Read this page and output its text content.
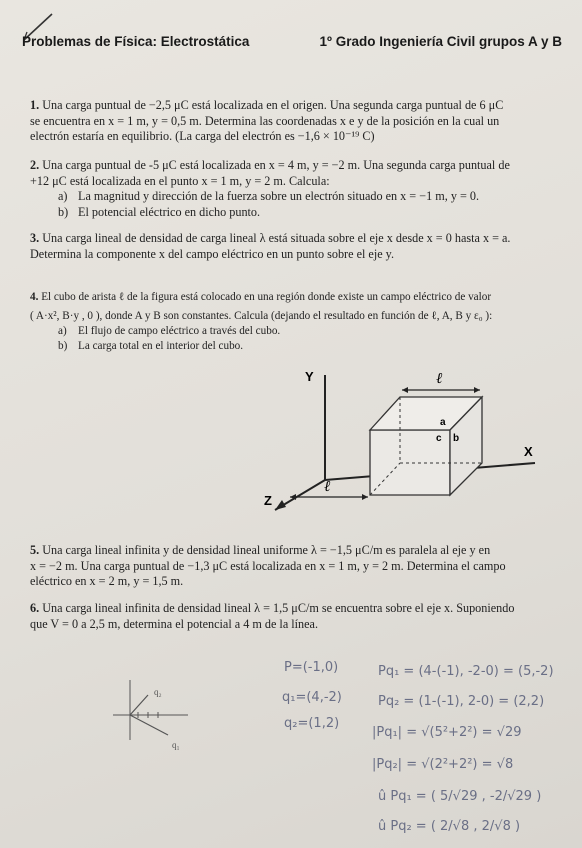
Problemas de Física: Electrostática	1º Grado Ingeniería Civil grupos A y B
1. Una carga puntual de −2,5 μC está localizada en el origen. Una segunda carga puntual de 6 μC
se encuentra en x = 1 m, y = 0,5 m. Determina las coordenadas x e y de la posición en la cual un
electrón estaría en equilibrio. (La carga del electrón es −1,6 × 10⁻¹⁹ C)
2. Una carga puntual de -5 μC está localizada en x = 4 m, y = −2 m. Una segunda carga puntual de
+12 μC está localizada en el punto x = 1 m, y = 2 m. Calcula:
a) La magnitud y dirección de la fuerza sobre un electrón situado en x = −1 m, y = 0.
b) El potencial eléctrico en dicho punto.
3. Una carga lineal de densidad de carga lineal λ está situada sobre el eje x desde x = 0 hasta x = a.
Determina la componente x del campo eléctrico en un punto sobre el eje y.
4. El cubo de arista ℓ de la figura está colocado en una región donde existe un campo eléctrico de valor
( A·x², B·y , 0 ), donde A y B son constantes. Calcula (dejando el resultado en función de ℓ, A, B y ε₀ ):
a) El flujo de campo eléctrico a través del cubo.
b) La carga total en el interior del cubo.
Y
X
Z
ℓ
ℓ
a
c b
5. Una carga lineal infinita y de densidad lineal uniforme λ = −1,5 μC/m es paralela al eje y en
x = −2 m. Una carga puntual de −1,3 μC está localizada en x = 1 m, y = 2 m. Determina el campo
eléctrico en x = 2 m, y = 1,5 m.
6. Una carga lineal infinita de densidad lineal λ = 1,5 μC/m se encuentra sobre el eje x. Suponiendo
que V = 0 a 2,5 m, determina el potencial a 4 m de la línea.
q₂
q₁
P=(-1,0)
q₁=(4,-2)
q₂=(1,2)
Pq₁ = (4-(-1), -2-0) = (5,-2)
Pq₂ = (1-(-1), 2-0) = (2,2)
|Pq₁| = √(5²+2²) = √29
|Pq₂| = √(2²+2²) = √8
û Pq₁ = ( 5/√29 , -2/√29 )
û Pq₂ = ( 2/√8 , 2/√8 )
